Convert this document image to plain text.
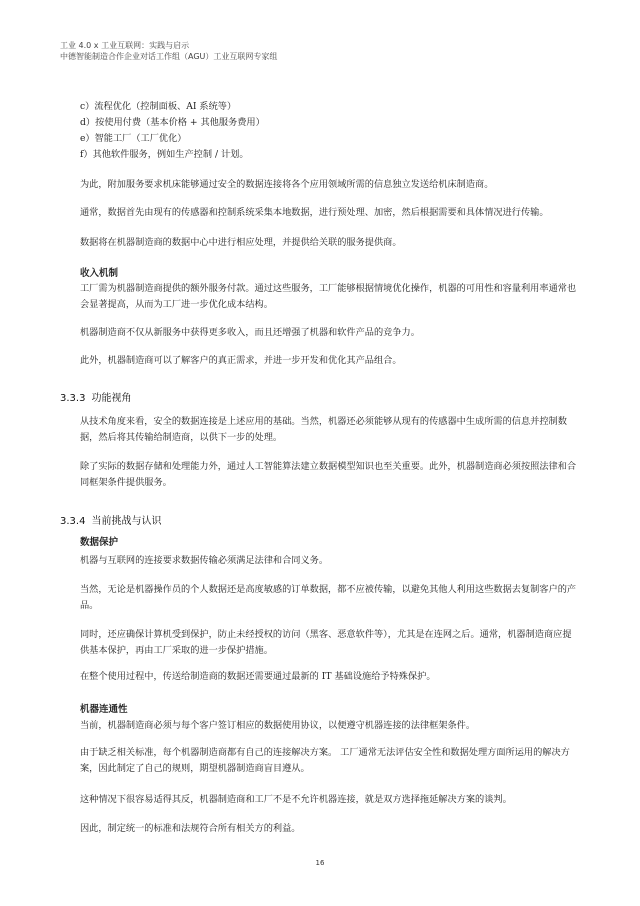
工业 4.0 x 工业互联网：实践与启示
中德智能制造合作企业对话工作组（AGU）工业互联网专家组
c）流程优化（控制面板、AI 系统等）
d）按使用付费（基本价格 + 其他服务费用）
e）智能工厂（工厂优化）
f）其他软件服务，例如生产控制 / 计划。

为此，附加服务要求机床能够通过安全的数据连接将各个应用领域所需的信息独立发送给机床制造商。

通常，数据首先由现有的传感器和控制系统采集本地数据，进行预处理、加密，然后根据需要和具体情况进行传输。

数据将在机器制造商的数据中心中进行相应处理，并提供给关联的服务提供商。

收入机制

工厂需为机器制造商提供的额外服务付款。通过这些服务，工厂能够根据情境优化操作，机器的可用性和容量利用率通常也会显著提高，从而为工厂进一步优化成本结构。

机器制造商不仅从新服务中获得更多收入，而且还增强了机器和软件产品的竞争力。

此外，机器制造商可以了解客户的真正需求，并进一步开发和优化其产品组合。

3.3.3 功能视角

从技术角度来看，安全的数据连接是上述应用的基础。当然，机器还必须能够从现有的传感器中生成所需的信息并控制数据，然后将其传输给制造商，以供下一步的处理。

除了实际的数据存储和处理能力外，通过人工智能算法建立数据模型知识也至关重要。此外，机器制造商必须按照法律和合同框架条件提供服务。

3.3.4 当前挑战与认识
数据保护

机器与互联网的连接要求数据传输必须满足法律和合同义务。

当然，无论是机器操作员的个人数据还是高度敏感的订单数据，都不应被传输，以避免其他人利用这些数据去复制客户的产品。

同时，还应确保计算机受到保护，防止未经授权的访问（黑客、恶意软件等），尤其是在连网之后。通常，机器制造商应提供基本保护，再由工厂采取的进一步保护措施。

在整个使用过程中，传送给制造商的数据还需要通过最新的 IT 基础设施给予特殊保护。

机器连通性

当前，机器制造商必须与每个客户签订相应的数据使用协议，以便遵守机器连接的法律框架条件。

由于缺乏相关标准，每个机器制造商都有自己的连接解决方案。 工厂通常无法评估安全性和数据处理方面所运用的解决方案，因此制定了自己的规则，期望机器制造商盲目遵从。

这种情况下很容易适得其反，机器制造商和工厂不是不允许机器连接，就是双方选择拖延解决方案的谈判。

因此，制定统一的标准和法规符合所有相关方的利益。

16
